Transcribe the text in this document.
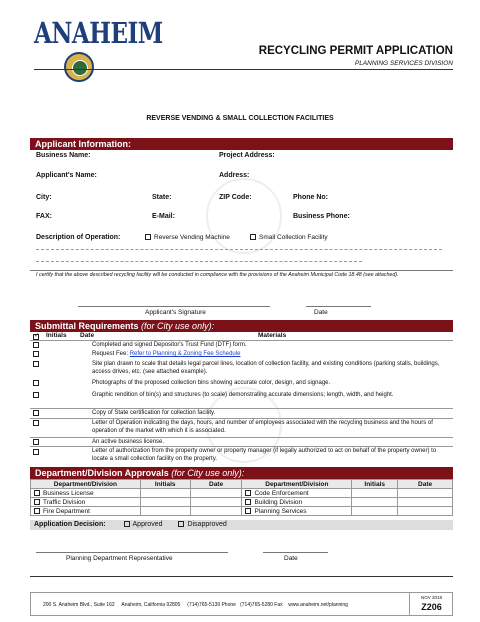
ANAHEIM
RECYCLING PERMIT APPLICATION
PLANNING SERVICES DIVISION
REVERSE VENDING & SMALL COLLECTION FACILITIES
Applicant Information:
Business Name:	Project Address:
Applicant's Name:	Address:
City:	State:	ZIP Code:	Phone No:
FAX:	E-Mail:	Business Phone:
Description of Operation:	Reverse Vending Machine	Small Collection Facility
I certify that the above described recycling facility will be conducted in compliance with the provisions of the Anaheim Municipal Code 18.48 (see attached).
Applicant's Signature	Date
Submittal Requirements (for City use only):
✓
Initials Date	Materials
Completed and signed Depositor's Trust Fund (DTF) form.
Request Fee: Refer to Planning & Zoning Fee Schedule
Site plan drawn to scale that details legal parcel lines, location of collection facility, and existing conditions (parking stalls, buildings, access drives, etc. (see attached example).
Photographs of the proposed collection bins showing accurate color, design, and signage.
Graphic rendition of bin(s) and structures (to scale) demonstrating accurate dimensions; length, width, and height.
Copy of State certification for collection facility.
Letter of Operation indicating the days, hours, and number of employees associated with the recycling business and the hours of operation of the market with which it is associated.
An active business license.
Letter of authorization from the property owner or property manager (if legally authorized to act on behalf of the property owner) to locate a small collection facility on the property.
Department/Division Approvals (for City use only):
Department/Division	Initials	Date	Department/Division	Initials	Date
Business License			Code Enforcement		
Traffic Division			Building Division		
Fire Department			Planning Services		
Application Decision:	Approved	Disapproved
Planning Department Representative	Date
200 S. Anaheim Blvd., Suite 162 Anaheim, California 92805 (714)765-5139 Phone (714)765-5280 Fax www.anaheim.net/planning
NOV 2018
Z206
